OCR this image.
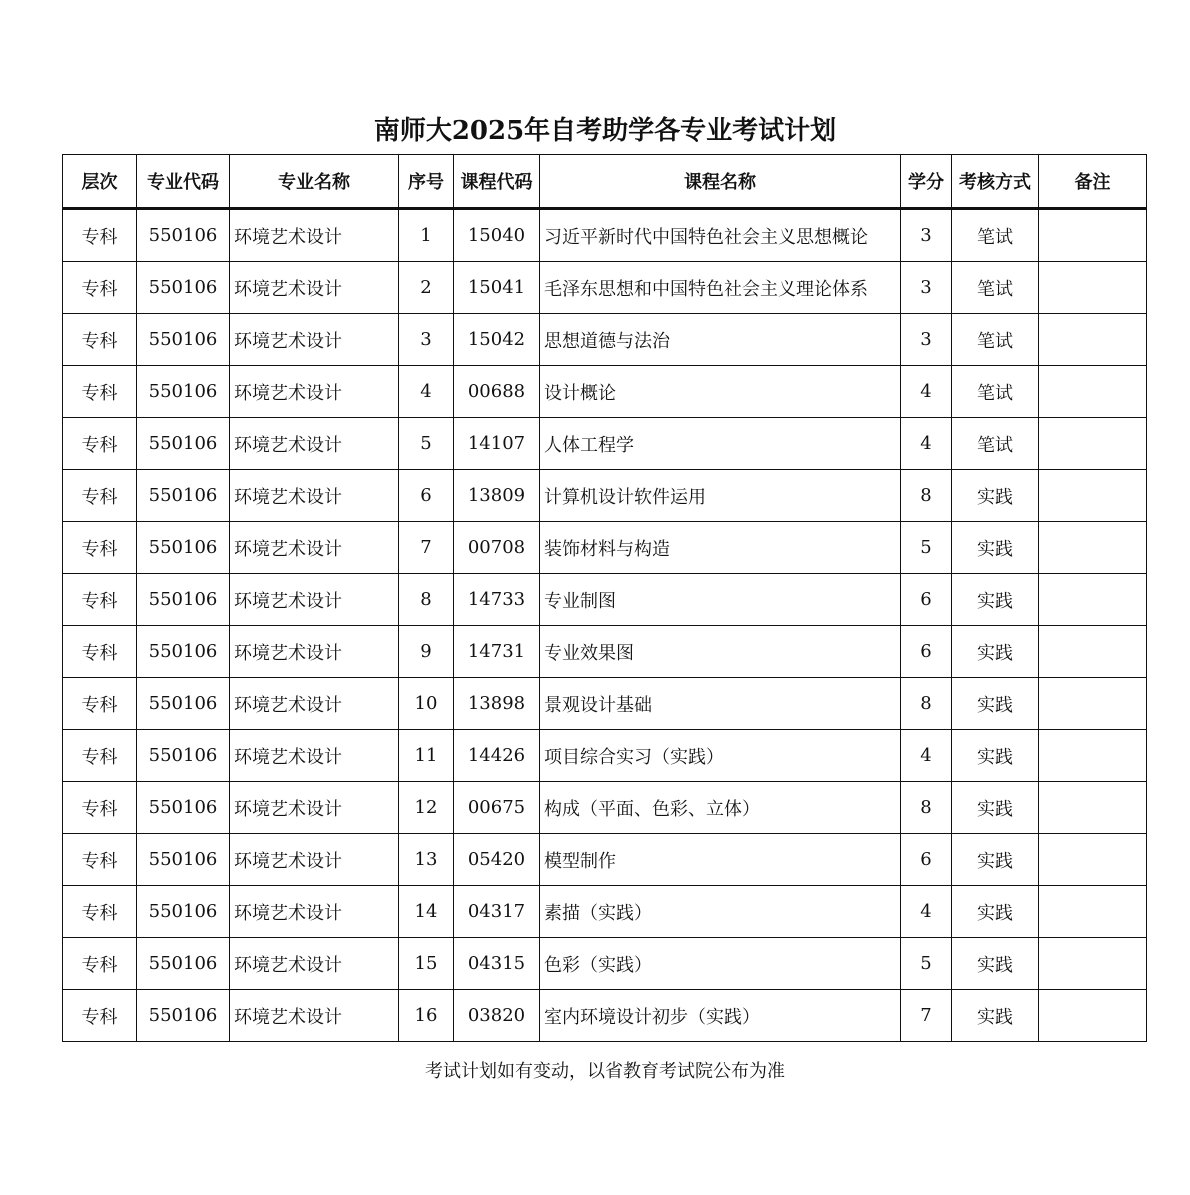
南师大2025年自考助学各专业考试计划
层次	专业代码	专业名称	序号	课程代码	课程名称	学分	考核方式	备注
专科	550106	环境艺术设计	1	15040	习近平新时代中国特色社会主义思想概论	3	笔试	
专科	550106	环境艺术设计	2	15041	毛泽东思想和中国特色社会主义理论体系	3	笔试	
专科	550106	环境艺术设计	3	15042	思想道德与法治	3	笔试	
专科	550106	环境艺术设计	4	00688	设计概论	4	笔试	
专科	550106	环境艺术设计	5	14107	人体工程学	4	笔试	
专科	550106	环境艺术设计	6	13809	计算机设计软件运用	8	实践	
专科	550106	环境艺术设计	7	00708	装饰材料与构造	5	实践	
专科	550106	环境艺术设计	8	14733	专业制图	6	实践	
专科	550106	环境艺术设计	9	14731	专业效果图	6	实践	
专科	550106	环境艺术设计	10	13898	景观设计基础	8	实践	
专科	550106	环境艺术设计	11	14426	项目综合实习（实践）	4	实践	
专科	550106	环境艺术设计	12	00675	构成（平面、色彩、立体）	8	实践	
专科	550106	环境艺术设计	13	05420	模型制作	6	实践	
专科	550106	环境艺术设计	14	04317	素描（实践）	4	实践	
专科	550106	环境艺术设计	15	04315	色彩（实践）	5	实践	
专科	550106	环境艺术设计	16	03820	室内环境设计初步（实践）	7	实践	
考试计划如有变动，以省教育考试院公布为准
